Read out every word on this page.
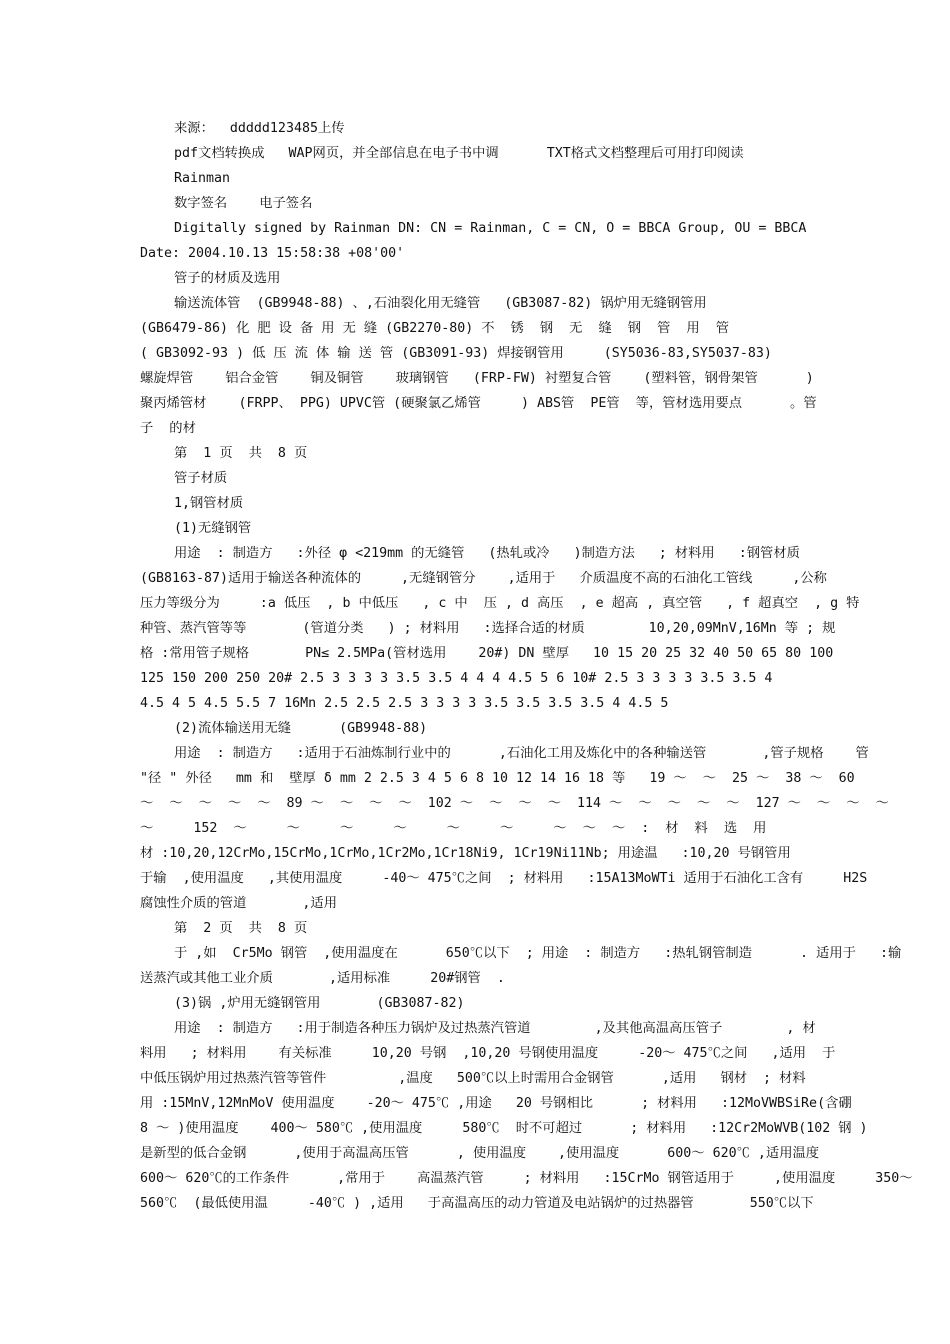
来源：  ddddd123485上传
pdf文档转换成   WAP网页，并全部信息在电子书中调      TXT格式文档整理后可用打印阅读
Rainman
数字签名    电子签名
Digitally signed by Rainman DN: CN = Rainman, C = CN, O = BBCA Group, OU = BBCA
Date: 2004.10.13 15:58:38 +08'00'
管子的材质及选用
输送流体管  (GB9948-88) 、,石油裂化用无缝管   (GB3087-82) 锅炉用无缝钢管用
(GB6479-86) 化 肥 设 备 用 无 缝 (GB2270-80) 不  锈  钢  无  缝  钢  管  用  管
( GB3092-93 ) 低 压 流 体 输 送 管 (GB3091-93) 焊接钢管用     (SY5036-83,SY5037-83)
螺旋焊管    铝合金管    铜及铜管    玻璃钢管   (FRP-FW) 衬塑复合管    (塑料管，钢骨架管      )
聚丙烯管材    (FRPP、 PPG) UPVC管 (硬聚氯乙烯管     ) ABS管  PE管  等，管材选用要点      。管
子  的材
第  1 页  共  8 页
管子材质
1,钢管材质
(1)无缝钢管
用途  : 制造方   :外径 φ <219mm 的无缝管   (热轧或冷   )制造方法   ; 材料用   :钢管材质
(GB8163-87)适用于输送各种流体的     ,无缝钢管分    ,适用于   介质温度不高的石油化工管线     ,公称
压力等级分为     :a 低压  , b 中低压   , c 中  压 , d 高压  , e 超高 , 真空管   , f 超真空  , g 特
种管、蒸汽管等等       (管道分类   ) ; 材料用   :选择合适的材质        10,20,09MnV,16Mn 等 ; 规
格 :常用管子规格       PN≤ 2.5MPa(管材选用    20#) DN 壁厚   10 15 20 25 32 40 50 65 80 100
125 150 200 250 20# 2.5 3 3 3 3 3.5 3.5 4 4 4 4.5 5 6 10# 2.5 3 3 3 3 3.5 3.5 4
4.5 4 5 4.5 5.5 7 16Mn 2.5 2.5 2.5 3 3 3 3 3.5 3.5 3.5 3.5 4 4.5 5
(2)流体输送用无缝      (GB9948-88)
用途  : 制造方   :适用于石油炼制行业中的      ,石油化工用及炼化中的各种输送管       ,管子规格    管
"径 " 外径   mm 和  壁厚 δ mm 2 2.5 3 4 5 6 8 10 12 14 16 18 等   19 ～  ～  25 ～  38 ～  60
～  ～  ～  ～  ～  89 ～  ～  ～  ～  102 ～  ～  ～  ～  114 ～  ～  ～  ～  ～  127 ～  ～  ～  ～
～     152  ～     ～     ～     ～     ～     ～     ～  ～  ～  :  材  料  选  用
材 :10,20,12CrMo,15CrMo,1CrMo,1Cr2Mo,1Cr18Ni9, 1Cr19Ni11Nb; 用途温   :10,20 号钢管用
于输  ,使用温度   ,其使用温度     -40～ 475℃之间  ; 材料用   :15A13MoWTi 适用于石油化工含有     H2S
腐蚀性介质的管道       ,适用
第  2 页  共  8 页
于 ,如  Cr5Mo 钢管  ,使用温度在      650℃以下  ; 用途  : 制造方   :热轧钢管制造      . 适用于   :输
送蒸汽或其他工业介质       ,适用标准     20#钢管  .
(3)锅 ,炉用无缝钢管用       (GB3087-82)
用途  : 制造方   :用于制造各种压力锅炉及过热蒸汽管道        ,及其他高温高压管子        , 材
料用   ; 材料用    有关标准     10,20 号钢  ,10,20 号钢使用温度     -20～ 475℃之间   ,适用  于
中低压锅炉用过热蒸汽管等管件         ,温度   500℃以上时需用合金钢管      ,适用   钢材  ; 材料
用 :15MnV,12MnMoV 使用温度    -20～ 475℃ ,用途   20 号钢相比      ; 材料用   :12MoVWBSiRe(含硼
8 ～ )使用温度    400～ 580℃ ,使用温度     580℃  时不可超过      ; 材料用   :12Cr2MoWVB(102 钢 )
是新型的低合金钢      ,使用于高温高压管      , 使用温度    ,使用温度      600～ 620℃ ,适用温度
600～ 620℃的工作条件      ,常用于    高温蒸汽管     ; 材料用   :15CrMo 钢管适用于     ,使用温度     350～
560℃  (最低使用温     -40℃ ) ,适用   于高温高压的动力管道及电站锅炉的过热器管       550℃以下
